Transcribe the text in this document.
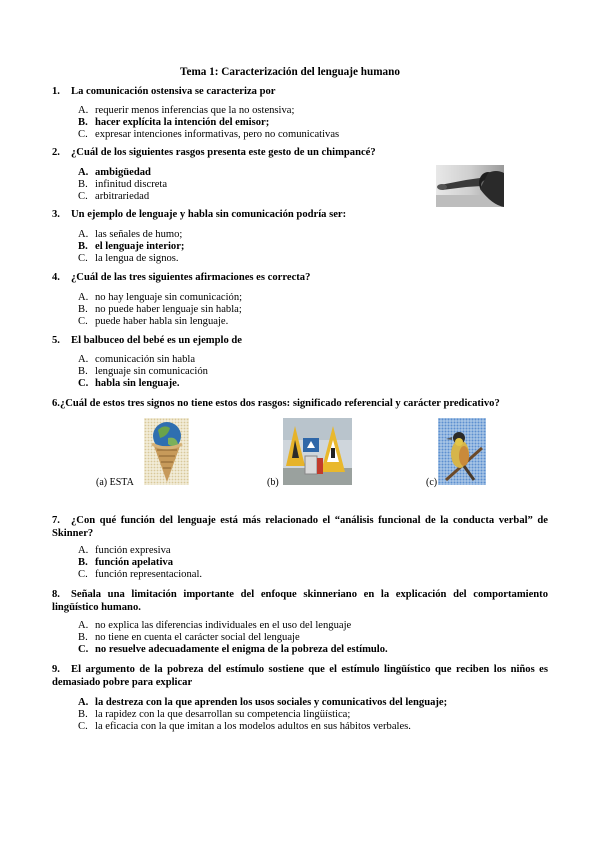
Tema 1: Caracterización del lenguaje humano
1. La comunicación ostensiva se caracteriza por
A. requerir menos inferencias que la no ostensiva;
B. hacer explícita la intención del emisor;
C. expresar intenciones informativas, pero no comunicativas
2. ¿Cuál de los siguientes rasgos presenta este gesto de un chimpancé?
A. ambigüedad
B. infinitud discreta
C. arbitrariedad
3. Un ejemplo de lenguaje y habla sin comunicación podría ser:
A. las señales de humo;
B. el lenguaje interior;
C. la lengua de signos.
4. ¿Cuál de las tres siguientes afirmaciones es correcta?
A. no hay lenguaje sin comunicación;
B. no puede haber lenguaje sin habla;
C. puede haber habla sin lenguaje.
5. El balbuceo del bebé es un ejemplo de
A. comunicación sin habla
B. lenguaje sin comunicación
C. habla sin lenguaje.
6.¿Cuál de estos tres signos no tiene estos dos rasgos: significado referencial y carácter predicativo?
(a) ESTA	(b)	(c)
7. ¿Con qué función del lenguaje está más relacionado el “análisis funcional de la conducta verbal” de Skinner?
A. función expresiva
B. función apelativa
C. función representacional.
8. Señala una limitación importante del enfoque skinneriano en la explicación del comportamiento lingüístico humano.
A. no explica las diferencias individuales en el uso del lenguaje
B. no tiene en cuenta el carácter social del lenguaje
C. no resuelve adecuadamente el enigma de la pobreza del estímulo.
9. El argumento de la pobreza del estímulo sostiene que el estímulo lingüístico que reciben los niños es demasiado pobre para explicar
A. la destreza con la que aprenden los usos sociales y comunicativos del lenguaje;
B. la rapidez con la que desarrollan su competencia lingüística;
C. la eficacia con la que imitan a los modelos adultos en sus hábitos verbales.
